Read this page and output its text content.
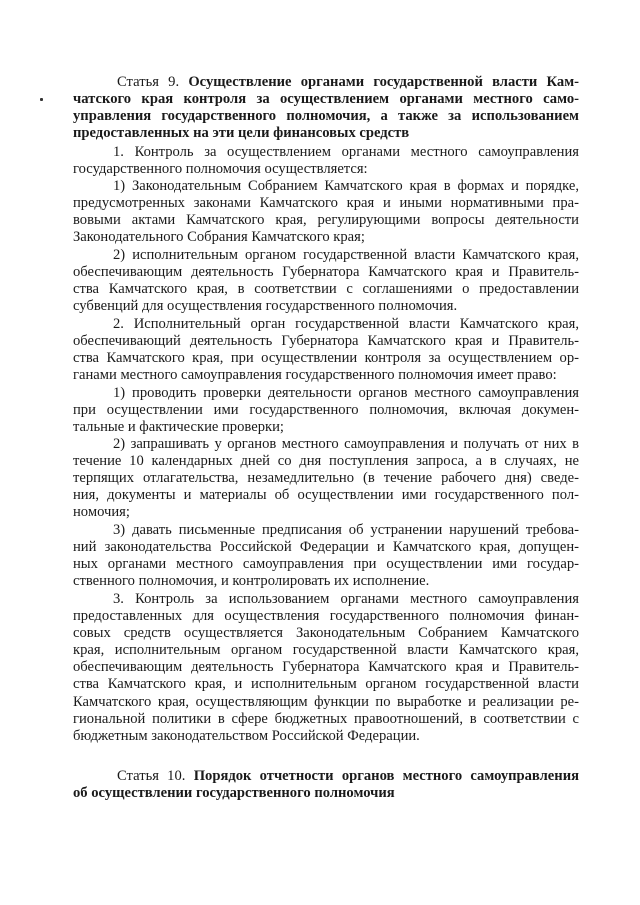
Статья 9. Осуществление органами государственной власти Кам-
чатского края контроля за осуществлением органами местного само-
управления государственного полномочия, а также за использованием
предоставленных на эти цели финансовых средств
1. Контроль за осуществлением органами местного самоуправления
государственного полномочия осуществляется:
1) Законодательным Собранием Камчатского края в формах и порядке,
предусмотренных законами Камчатского края и иными нормативными пра-
вовыми актами Камчатского края, регулирующими вопросы деятельности
Законодательного Собрания Камчатского края;
2) исполнительным органом государственной власти Камчатского края,
обеспечивающим деятельность Губернатора Камчатского края и Правитель-
ства Камчатского края, в соответствии с соглашениями о предоставлении
субвенций для осуществления государственного полномочия.
2. Исполнительный орган государственной власти Камчатского края,
обеспечивающий деятельность Губернатора Камчатского края и Правитель-
ства Камчатского края, при осуществлении контроля за осуществлением ор-
ганами местного самоуправления государственного полномочия имеет право:
1) проводить проверки деятельности органов местного самоуправления
при осуществлении ими государственного полномочия, включая докумен-
тальные и фактические проверки;
2) запрашивать у органов местного самоуправления и получать от них в
течение 10 календарных дней со дня поступления запроса, а в случаях, не
терпящих отлагательства, незамедлительно (в течение рабочего дня) сведе-
ния, документы и материалы об осуществлении ими государственного пол-
номочия;
3) давать письменные предписания об устранении нарушений требова-
ний законодательства Российской Федерации и Камчатского края, допущен-
ных органами местного самоуправления при осуществлении ими государ-
ственного полномочия, и контролировать их исполнение.
3. Контроль за использованием органами местного самоуправления
предоставленных для осуществления государственного полномочия финан-
совых средств осуществляется Законодательным Собранием Камчатского
края, исполнительным органом государственной власти Камчатского края,
обеспечивающим деятельность Губернатора Камчатского края и Правитель-
ства Камчатского края, и исполнительным органом государственной власти
Камчатского края, осуществляющим функции по выработке и реализации ре-
гиональной политики в сфере бюджетных правоотношений, в соответствии с
бюджетным законодательством Российской Федерации.
Статья 10. Порядок отчетности органов местного самоуправления
об осуществлении государственного полномочия
